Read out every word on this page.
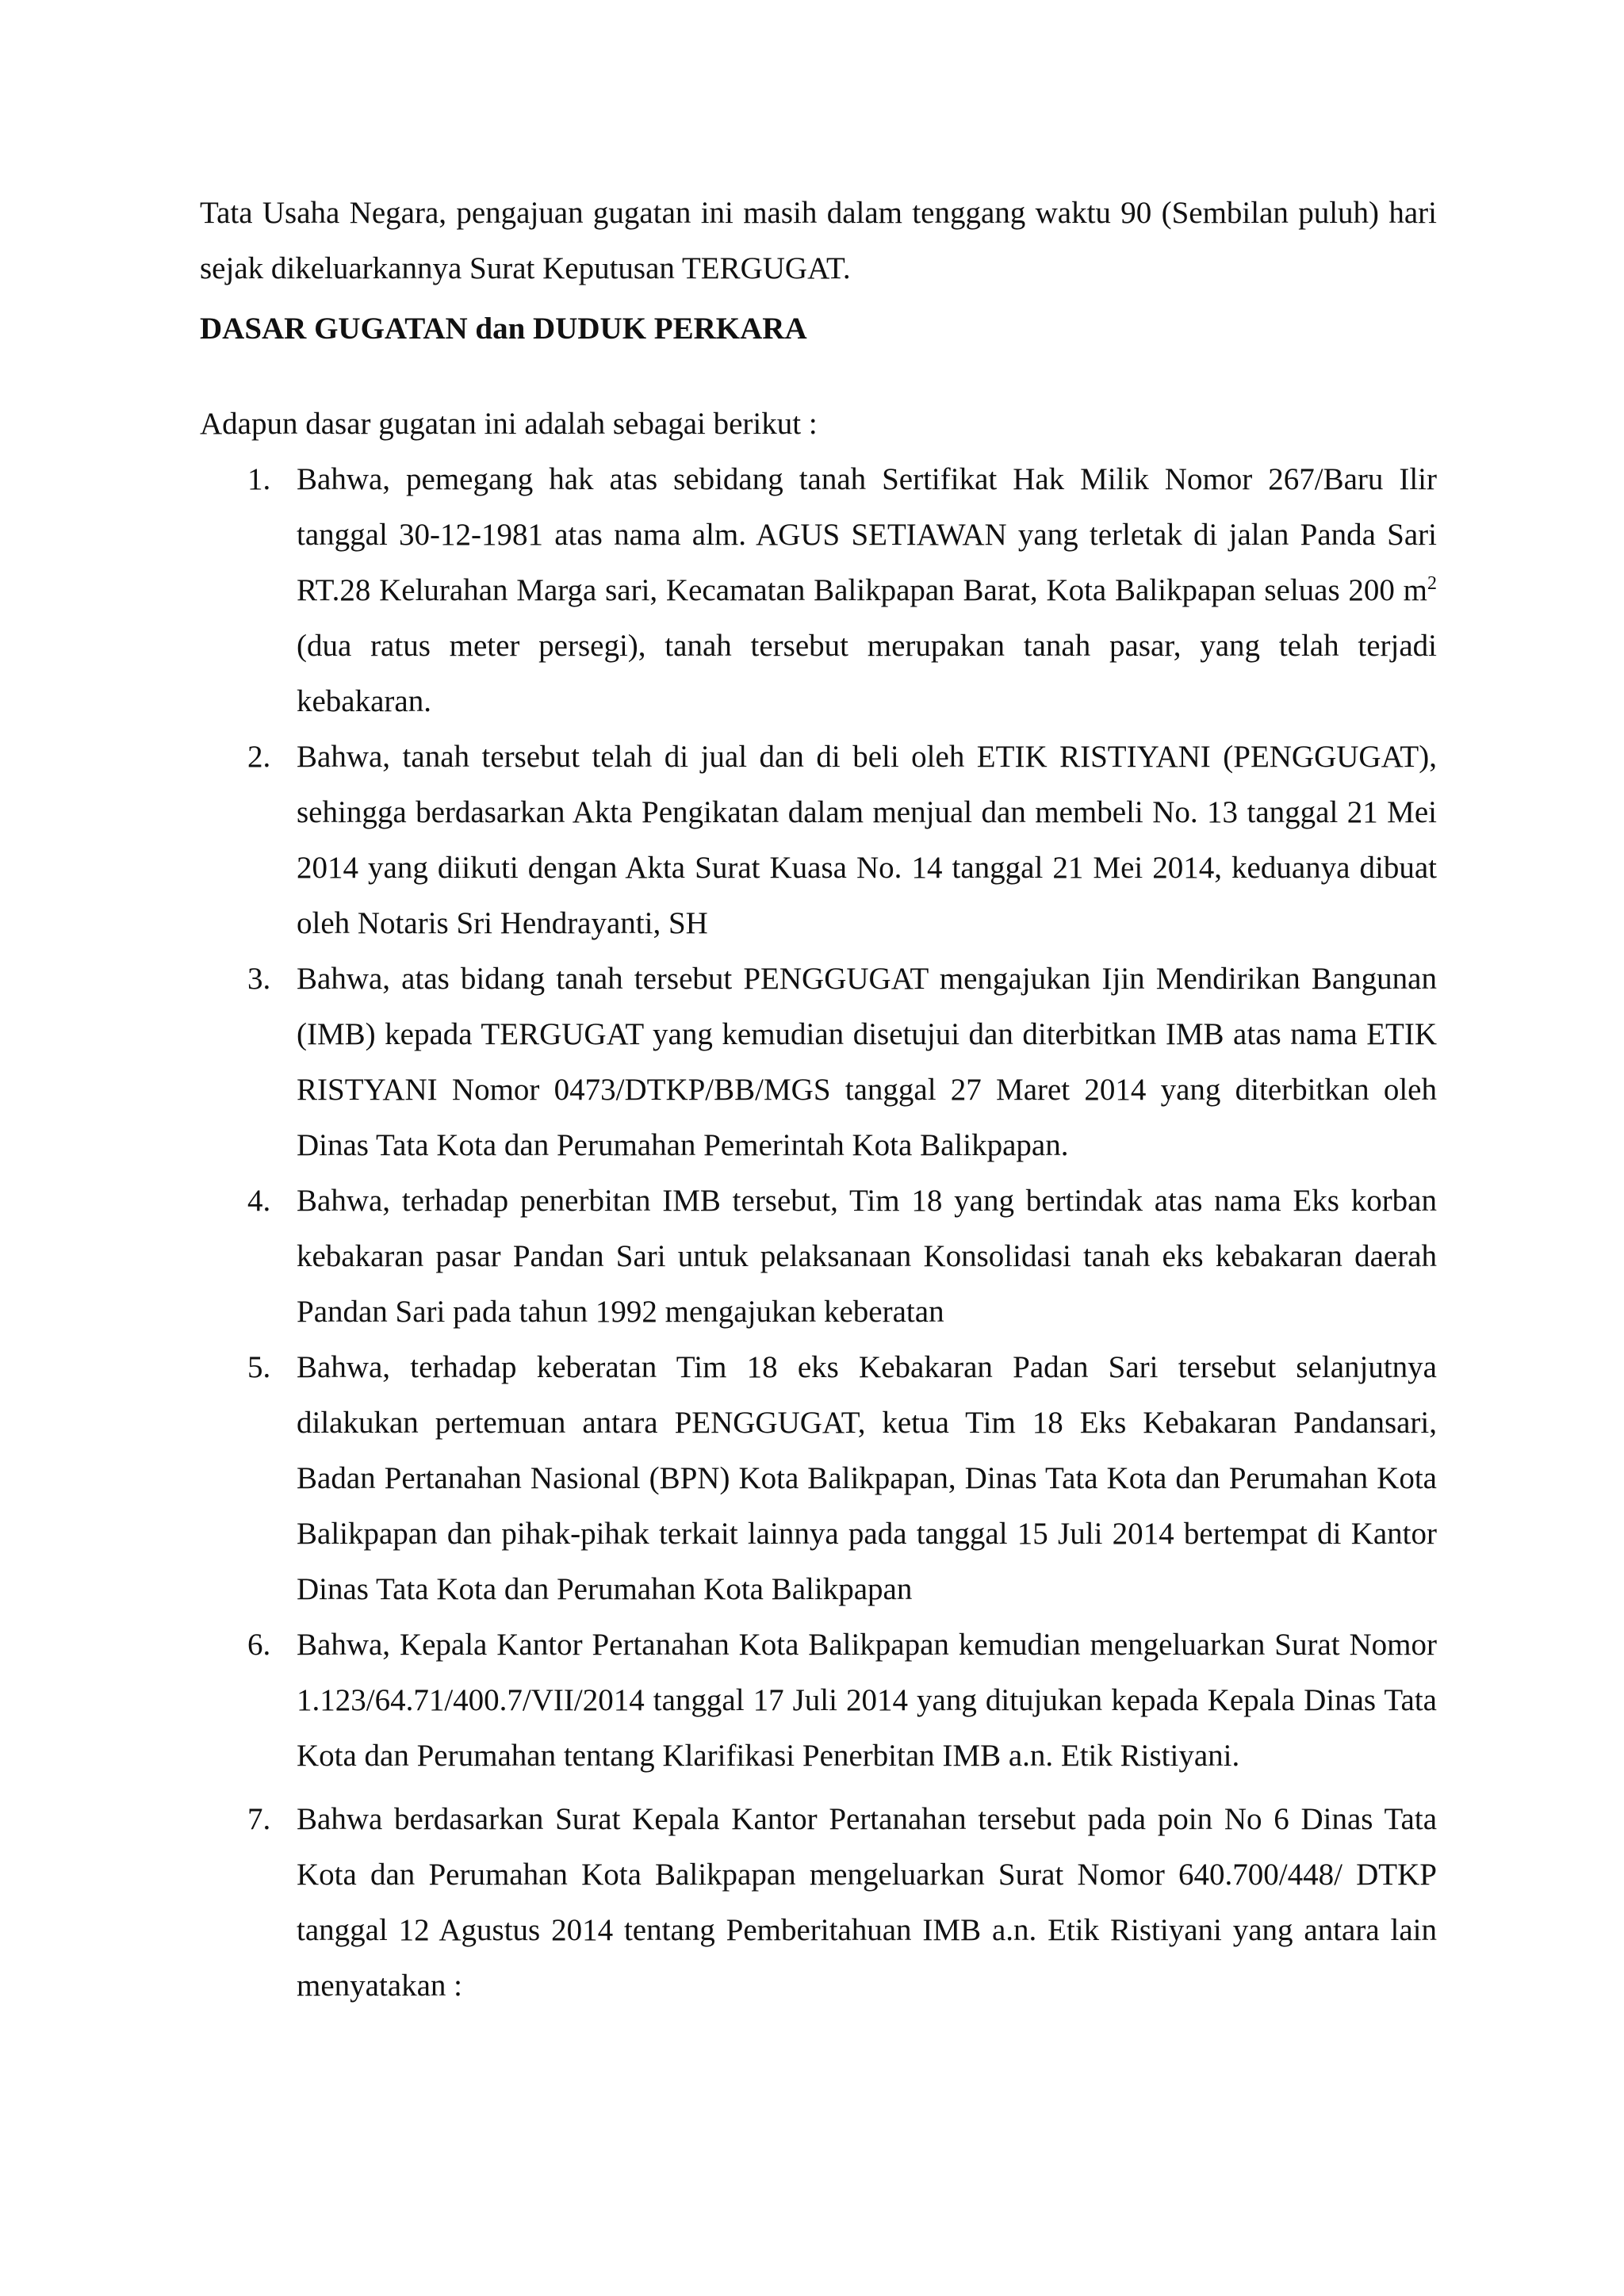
Tata Usaha Negara, pengajuan gugatan ini masih dalam tenggang waktu 90 (Sembilan puluh) hari sejak dikeluarkannya Surat Keputusan TERGUGAT.
DASAR GUGATAN dan DUDUK PERKARA
Adapun dasar gugatan ini adalah sebagai berikut :
1. Bahwa, pemegang hak atas sebidang tanah Sertifikat Hak Milik Nomor 267/Baru Ilir tanggal 30-12-1981 atas nama alm. AGUS SETIAWAN yang terletak di jalan Panda Sari RT.28 Kelurahan Marga sari, Kecamatan Balikpapan Barat, Kota Balikpapan seluas 200 $m^2$ (dua ratus meter persegi), tanah tersebut merupakan tanah pasar, yang telah terjadi kebakaran.
2. Bahwa, tanah tersebut telah di jual dan di beli oleh ETIK RISTIYANI (PENGGUGAT), sehingga berdasarkan Akta Pengikatan dalam menjual dan membeli No. 13 tanggal 21 Mei 2014 yang diikuti dengan Akta Surat Kuasa No. 14 tanggal 21 Mei 2014, keduanya dibuat oleh Notaris Sri Hendrayanti, SH
3. Bahwa, atas bidang tanah tersebut PENGGUGAT mengajukan Ijin Mendirikan Bangunan (IMB) kepada TERGUGAT yang kemudian disetujui dan diterbitkan IMB atas nama ETIK RISTYANI Nomor 0473/DTKP/BB/MGS tanggal 27 Maret 2014 yang diterbitkan oleh Dinas Tata Kota dan Perumahan Pemerintah Kota Balikpapan.
4. Bahwa, terhadap penerbitan IMB tersebut, Tim 18 yang bertindak atas nama Eks korban kebakaran pasar Pandan Sari untuk pelaksanaan Konsolidasi tanah eks kebakaran daerah Pandan Sari pada tahun 1992 mengajukan keberatan
5. Bahwa, terhadap keberatan Tim 18 eks Kebakaran Padan Sari tersebut selanjutnya dilakukan pertemuan antara PENGGUGAT, ketua Tim 18 Eks Kebakaran Pandansari, Badan Pertanahan Nasional (BPN) Kota Balikpapan, Dinas Tata Kota dan Perumahan Kota Balikpapan dan pihak-pihak terkait lainnya pada tanggal 15 Juli 2014 bertempat di Kantor Dinas Tata Kota dan Perumahan Kota Balikpapan
6. Bahwa, Kepala Kantor Pertanahan Kota Balikpapan kemudian mengeluarkan Surat Nomor 1.123/64.71/400.7/VII/2014 tanggal 17 Juli 2014 yang ditujukan kepada Kepala Dinas Tata Kota dan Perumahan tentang Klarifikasi Penerbitan IMB a.n. Etik Ristiyani.
7. Bahwa berdasarkan Surat Kepala Kantor Pertanahan tersebut pada poin No 6 Dinas Tata Kota dan Perumahan Kota Balikpapan mengeluarkan Surat Nomor 640.700/448/ DTKP tanggal 12 Agustus 2014 tentang Pemberitahuan IMB a.n. Etik Ristiyani yang antara lain menyatakan :
